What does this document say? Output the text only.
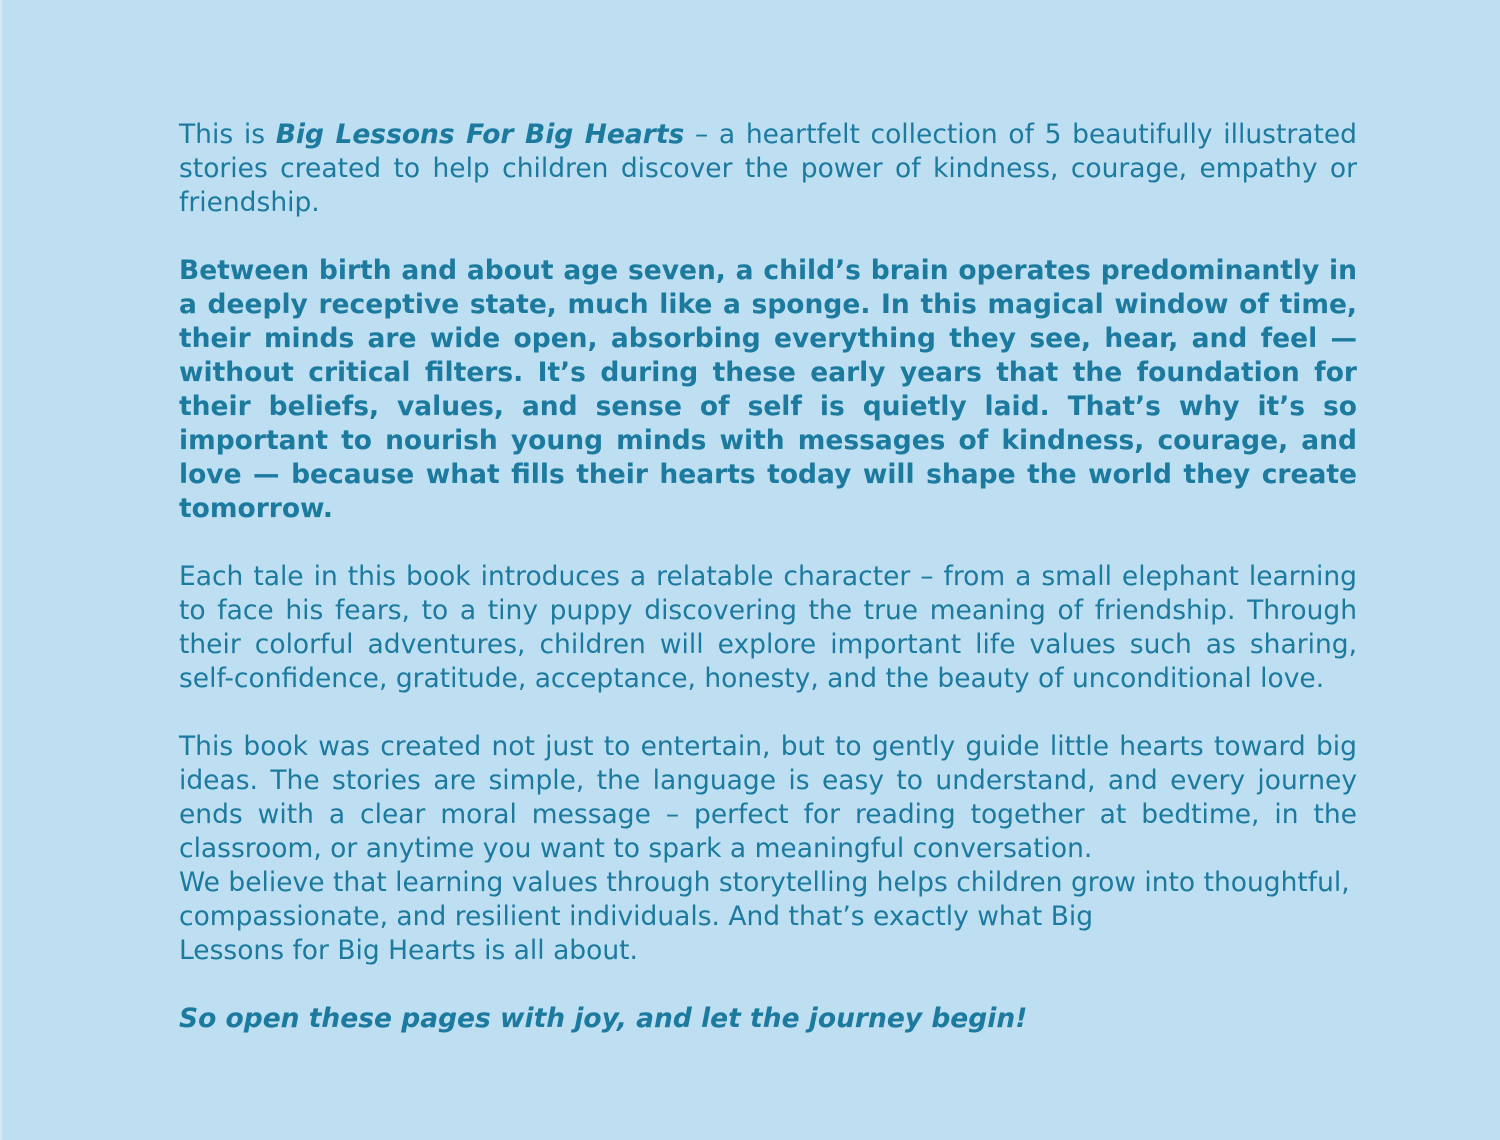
This is Big Lessons For Big Hearts – a heartfelt collection of 5 beautifully illustrated stories created to help children discover the power of kindness, courage, empathy or friendship.

Between birth and about age seven, a child’s brain operates predominantly in a deeply receptive state, much like a sponge. In this magical window of time, their minds are wide open, absorbing everything they see, hear, and feel — without critical filters. It’s during these early years that the foundation for their beliefs, values, and sense of self is quietly laid. That’s why it’s so important to nourish young minds with messages of kindness, courage, and love — because what fills their hearts today will shape the world they create tomorrow.

Each tale in this book introduces a relatable character – from a small elephant learning to face his fears, to a tiny puppy discovering the true meaning of friendship. Through their colorful adventures, children will explore important life values such as sharing, self-confidence, gratitude, acceptance, honesty, and the beauty of unconditional love.

This book was created not just to entertain, but to gently guide little hearts toward big ideas. The stories are simple, the language is easy to understand, and every journey ends with a clear moral message – perfect for reading together at bedtime, in the classroom, or anytime you want to spark a meaningful conversation.

We believe that learning values through storytelling helps children grow into thoughtful, compassionate, and resilient individuals. And that’s exactly what Big
Lessons for Big Hearts is all about.

So open these pages with joy, and let the journey begin!
